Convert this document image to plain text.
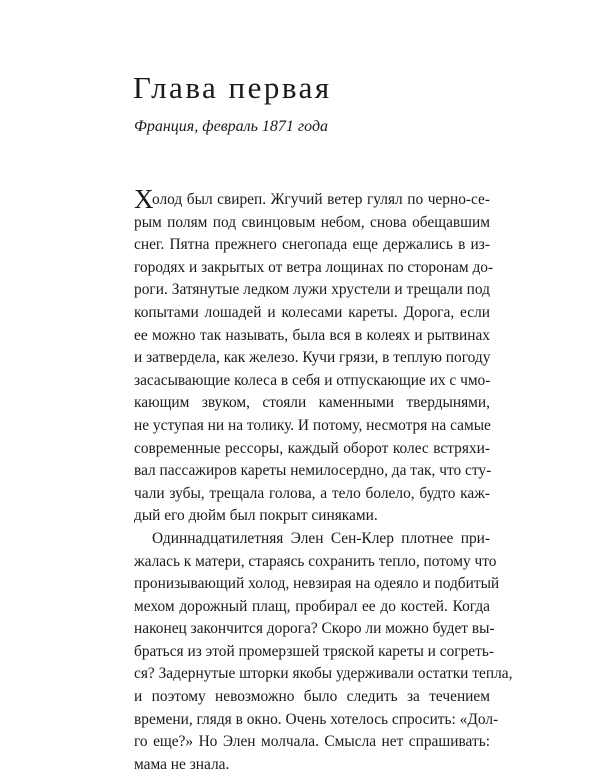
Глава первая

Франция, февраль 1871 года

Х
олод был свиреп. Жгучий ветер гулял по черно-се-
рым полям под свинцовым небом, снова обещавшим
снег. Пятна прежнего снегопада еще держались в из-
городях и закрытых от ветра лощинах по сторонам до-
роги. Затянутые ледком лужи хрустели и трещали под
копытами лошадей и колесами кареты. Дорога, если
ее можно так называть, была вся в колеях и рытвинах
и затвердела, как железо. Кучи грязи, в теплую погоду
засасывающие колеса в себя и отпускающие их с чмо-
кающим звуком, стояли каменными твердынями,
не уступая ни на толику. И потому, несмотря на самые
современные рессоры, каждый оборот колес встряхи-
вал пассажиров кареты немилосердно, да так, что сту-
чали зубы, трещала голова, а тело болело, будто каж-
дый его дюйм был покрыт синяками.
Одиннадцатилетняя Элен Сен-Клер плотнее при-
жалась к матери, стараясь сохранить тепло, потому что
пронизывающий холод, невзирая на одеяло и подбитый
мехом дорожный плащ, пробирал ее до костей. Когда
наконец закончится дорога? Скоро ли можно будет вы-
браться из этой промерзшей тряской кареты и согреть-
ся? Задернутые шторки якобы удерживали остатки тепла,
и поэтому невозможно было следить за течением
времени, глядя в окно. Очень хотелось спросить: «Дол-
го еще?» Но Элен молчала. Смысла нет спрашивать:
мама не знала.
